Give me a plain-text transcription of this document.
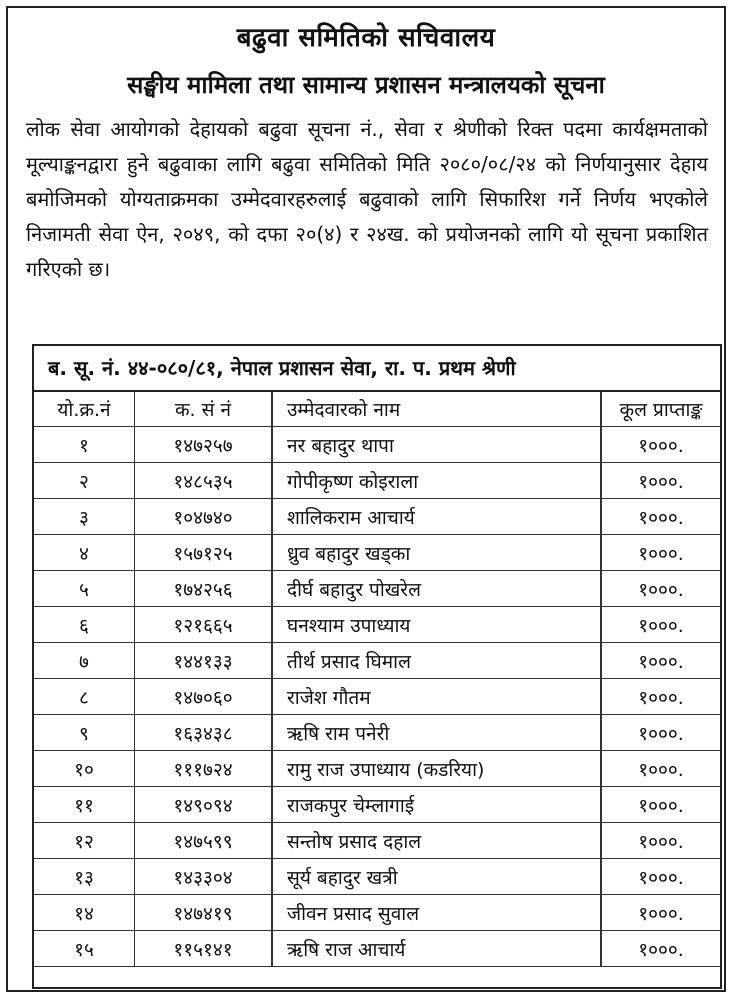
बढुवा समितिको सचिवालय
सङ्घीय मामिला तथा सामान्य प्रशासन मन्त्रालयको सूचना
लोक सेवा आयोगको देहायको बढुवा सूचना नं., सेवा र श्रेणीको रिक्त पदमा कार्यक्षमताको मूल्याङ्कनद्वारा हुने बढुवाका लागि बढुवा समितिको मिति २०८०/०८/२४ को निर्णयानुसार देहाय बमोजिमको योग्यताक्रमका उम्मेदवारहरुलाई बढुवाको लागि सिफारिश गर्ने निर्णय भएकोले निजामती सेवा ऐन, २०४९, को दफा २०(४) र २४ख. को प्रयोजनको लागि यो सूचना प्रकाशित गरिएको छ।
ब. सू. नं. ४४-०८०/८१, नेपाल प्रशासन सेवा, रा. प. प्रथम श्रेणी
यो.क्र.नं	क. सं नं	उम्मेदवारको नाम	कूल प्राप्ताङ्क
१	१४७२५७	नर बहादुर थापा	१०००.
२	१४८५३५	गोपीकृष्ण कोइराला	१०००.
३	१०४७४०	शालिकराम आचार्य	१०००.
४	१५७१२५	ध्रुव बहादुर खड्का	१०००.
५	१७४२५६	दीर्घ बहादुर पोखरेल	१०००.
६	१२१६६५	घनश्याम उपाध्याय	१०००.
७	१४४१३३	तीर्थ प्रसाद घिमाल	१०००.
८	१४७०६०	राजेश गौतम	१०००.
९	१६३४३८	ऋषि राम पनेरी	१०००.
१०	१११७२४	रामु राज उपाध्याय (कडरिया)	१०००.
११	१४९०९४	राजकपुर चेम्लागाई	१०००.
१२	१४७५९९	सन्तोष प्रसाद दहाल	१०००.
१३	१४३३०४	सूर्य बहादुर खत्री	१०००.
१४	१४७४१९	जीवन प्रसाद सुवाल	१०००.
१५	११५१४१	ऋषि राज आचार्य	१०००.
